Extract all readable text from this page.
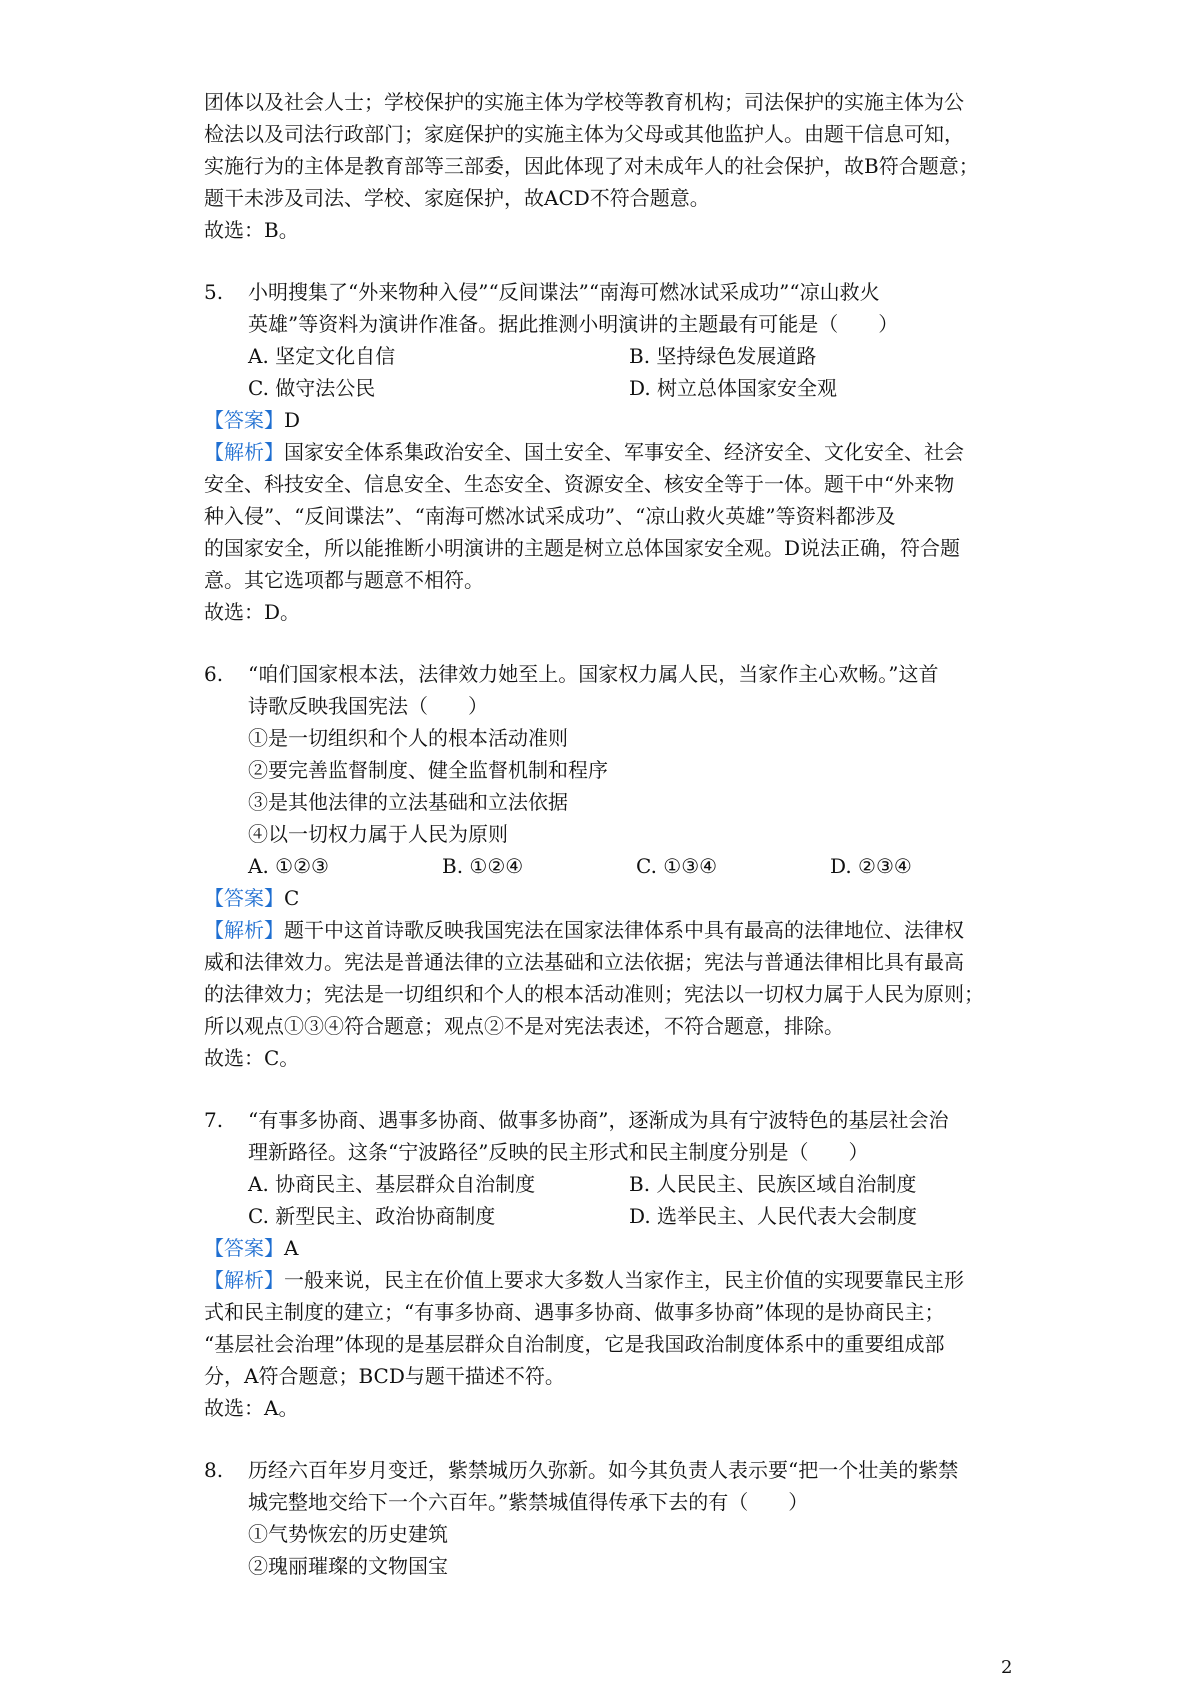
团体以及社会人士；学校保护的实施主体为学校等教育机构；司法保护的实施主体为公
检法以及司法行政部门；家庭保护的实施主体为父母或其他监护人。由题干信息可知，
实施行为的主体是教育部等三部委，因此体现了对未成年人的社会保护，故B符合题意；
题干未涉及司法、学校、家庭保护，故ACD不符合题意。
故选：B。
5.	小明搜集了“外来物种入侵”“反间谍法”“南海可燃冰试采成功”“凉山救火
英雄”等资料为演讲作准备。据此推测小明演讲的主题最有可能是（　　）
A. 坚定文化自信	B. 坚持绿色发展道路
C. 做守法公民	D. 树立总体国家安全观
【答案】D
【解析】国家安全体系集政治安全、国土安全、军事安全、经济安全、文化安全、社会
安全、科技安全、信息安全、生态安全、资源安全、核安全等于一体。题干中“外来物
种入侵”、“反间谍法”、“南海可燃冰试采成功”、“凉山救火英雄”等资料都涉及
的国家安全，所以能推断小明演讲的主题是树立总体国家安全观。D说法正确，符合题
意。其它选项都与题意不相符。
故选：D。
6.	“咱们国家根本法，法律效力她至上。国家权力属人民，当家作主心欢畅。”这首
诗歌反映我国宪法（　　）
①是一切组织和个人的根本活动准则
②要完善监督制度、健全监督机制和程序
③是其他法律的立法基础和立法依据
④以一切权力属于人民为原则
A. ①②③	B. ①②④	C. ①③④	D. ②③④
【答案】C
【解析】题干中这首诗歌反映我国宪法在国家法律体系中具有最高的法律地位、法律权
威和法律效力。宪法是普通法律的立法基础和立法依据；宪法与普通法律相比具有最高
的法律效力；宪法是一切组织和个人的根本活动准则；宪法以一切权力属于人民为原则；
所以观点①③④符合题意；观点②不是对宪法表述，不符合题意，排除。
故选：C。
7.	“有事多协商、遇事多协商、做事多协商”，逐渐成为具有宁波特色的基层社会治
理新路径。这条“宁波路径”反映的民主形式和民主制度分别是（　　）
A. 协商民主、基层群众自治制度	B. 人民民主、民族区域自治制度
C. 新型民主、政治协商制度	D. 选举民主、人民代表大会制度
【答案】A
【解析】一般来说，民主在价值上要求大多数人当家作主，民主价值的实现要靠民主形
式和民主制度的建立；“有事多协商、遇事多协商、做事多协商”体现的是协商民主；
“基层社会治理”体现的是基层群众自治制度，它是我国政治制度体系中的重要组成部
分，A符合题意；BCD与题干描述不符。
故选：A。
8.	历经六百年岁月变迁，紫禁城历久弥新。如今其负责人表示要“把一个壮美的紫禁
城完整地交给下一个六百年。”紫禁城值得传承下去的有（　　）
①气势恢宏的历史建筑
②瑰丽璀璨的文物国宝
2
